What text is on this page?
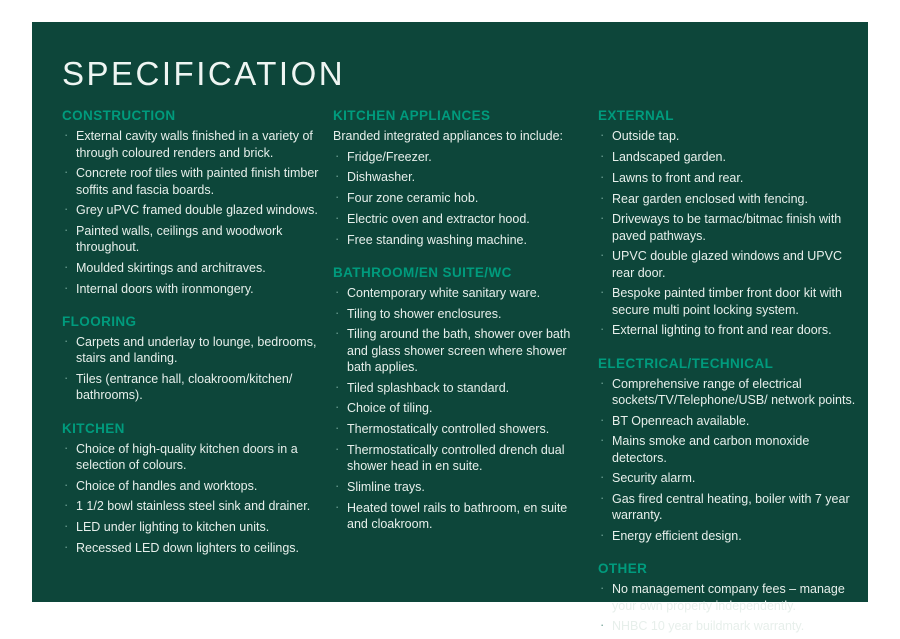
SPECIFICATION
CONSTRUCTION
· External cavity walls finished in a variety of through coloured renders and brick.
· Concrete roof tiles with painted finish timber soffits and fascia boards.
· Grey uPVC framed double glazed windows.
· Painted walls, ceilings and woodwork throughout.
· Moulded skirtings and architraves.
· Internal doors with ironmongery.
FLOORING
· Carpets and underlay to lounge, bedrooms, stairs and landing.
· Tiles (entrance hall, cloakroom/kitchen/ bathrooms).
KITCHEN
· Choice of high-quality kitchen doors in a selection of colours.
· Choice of handles and worktops.
· 1 1/2 bowl stainless steel sink and drainer.
· LED under lighting to kitchen units.
· Recessed LED down lighters to ceilings.
KITCHEN APPLIANCES

Branded integrated appliances to include:

· Fridge/Freezer.
· Dishwasher.
· Four zone ceramic hob.
· Electric oven and extractor hood.
· Free standing washing machine.
BATHROOM/EN SUITE/WC
· Contemporary white sanitary ware.
· Tiling to shower enclosures.
· Tiling around the bath, shower over bath and glass shower screen where shower bath applies.
· Tiled splashback to standard.
· Choice of tiling.
· Thermostatically controlled showers.
· Thermostatically controlled drench dual shower head in en suite.
· Slimline trays.
· Heated towel rails to bathroom, en suite and cloakroom.
EXTERNAL
· Outside tap.
· Landscaped garden.
· Lawns to front and rear.
· Rear garden enclosed with fencing.
· Driveways to be tarmac/bitmac finish with paved pathways.
· UPVC double glazed windows and UPVC rear door.
· Bespoke painted timber front door kit with secure multi point locking system.
· External lighting to front and rear doors.
ELECTRICAL/TECHNICAL
· Comprehensive range of electrical sockets/TV/Telephone/USB/ network points.
· BT Openreach available.
· Mains smoke and carbon monoxide detectors.
· Security alarm.
· Gas fired central heating, boiler with 7 year warranty.
· Energy efficient design.
OTHER
· No management company fees – manage your own property independently.
· NHBC 10 year buildmark warranty.
